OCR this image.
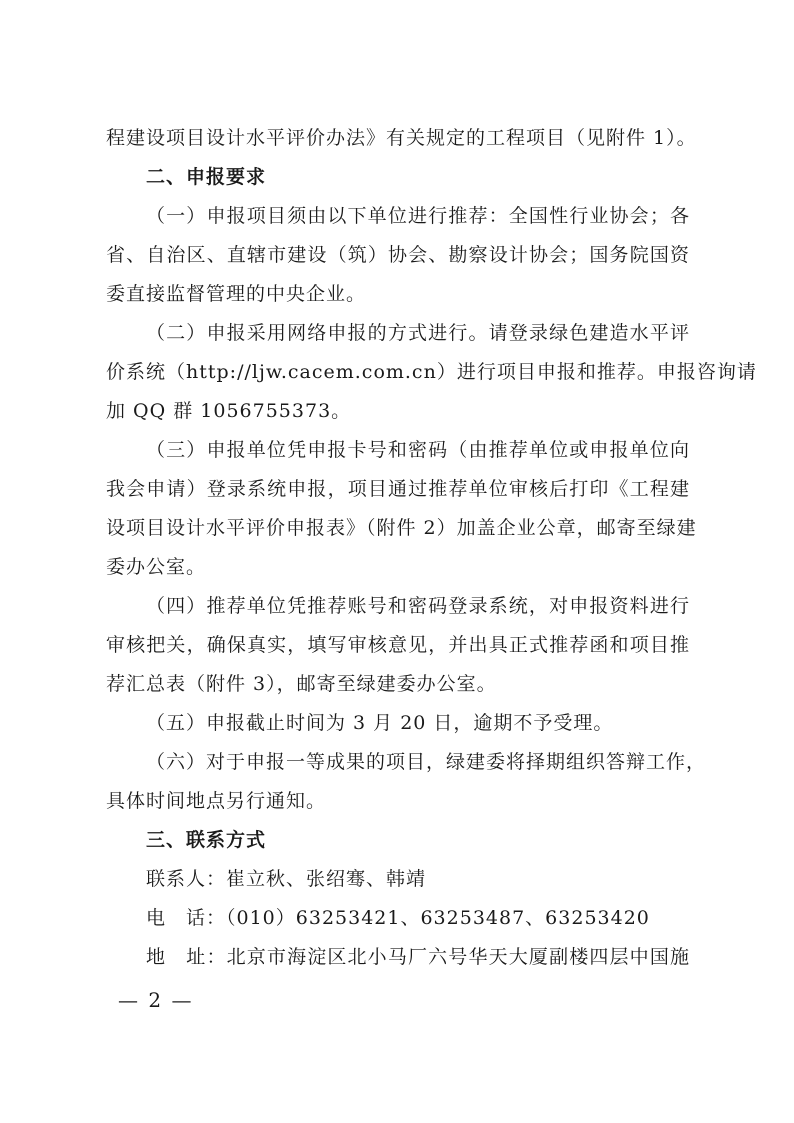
程建设项目设计水平评价办法》有关规定的工程项目（见附件 1）。
二、申报要求
（一）申报项目须由以下单位进行推荐：全国性行业协会；各
省、自治区、直辖市建设（筑）协会、勘察设计协会；国务院国资
委直接监督管理的中央企业。
（二）申报采用网络申报的方式进行。请登录绿色建造水平评
价系统（http://ljw.cacem.com.cn）进行项目申报和推荐。申报咨询请
加 QQ 群 1056755373。
（三）申报单位凭申报卡号和密码（由推荐单位或申报单位向
我会申请）登录系统申报，项目通过推荐单位审核后打印《工程建
设项目设计水平评价申报表》（附件 2）加盖企业公章，邮寄至绿建
委办公室。
（四）推荐单位凭推荐账号和密码登录系统，对申报资料进行
审核把关，确保真实，填写审核意见，并出具正式推荐函和项目推
荐汇总表（附件 3），邮寄至绿建委办公室。
（五）申报截止时间为 3 月 20 日，逾期不予受理。
（六）对于申报一等成果的项目，绿建委将择期组织答辩工作，
具体时间地点另行通知。
三、联系方式
联系人：崔立秋、张绍骞、韩靖
电　话：（010）63253421、63253487、63253420
地　址：北京市海淀区北小马厂六号华天大厦副楼四层中国施
— 2 —
